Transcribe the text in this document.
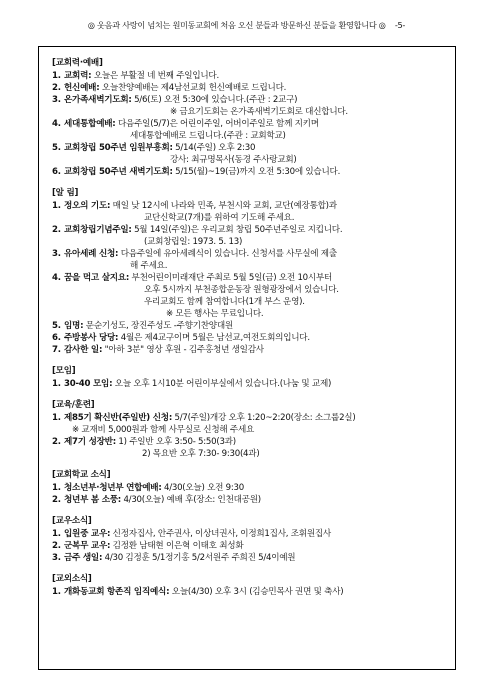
◎ 웃음과 사랑이 넘치는 원미동교회에 처음 오신 분들과 방문하신 분들을 환영합니다 ◎ -5-
[교회력·예배]
1. 교회력: 오늘은 부활절 네 번째 주일입니다.
2. 헌신예배: 오늘찬양예배는 제4남선교회 헌신예배로 드립니다.
3. 온가족새벽기도회: 5/6(토) 오전 5:30에 있습니다.(주관 : 2교구)
※ 금요기도회는 온가족새벽기도회로 대신합니다.
4. 세대통합예배: 다음주일(5/7)은 어린이주일, 어버이주일로 함께 지키며
세대통합예배로 드립니다.(주관 : 교회학교)
5. 교회창립 50주년 임원부흥회: 5/14(주일) 오후 2:30
강사: 최규명목사(동경 주사랑교회)
6. 교회창립 50주년 새벽기도회: 5/15(월)~19(금)까지 오전 5:30에 있습니다.
[알 림]
1. 정오의 기도: 매일 낮 12시에 나라와 민족, 부천시와 교회, 교단(예장통합)과
교단신학교(7개)를 위하여 기도해 주세요.
2. 교회창립기념주일: 5월 14일(주일)은 우리교회 창립 50주년주일로 지킵니다.
(교회창립일: 1973. 5. 13)
3. 유아세례 신청: 다음주일에 유아세례식이 있습니다. 신청서를 사무실에 제출
해 주세요.
4. 꿈을 먹고 살지요: 부천어린이미래재단 주최로 5월 5일(금) 오전 10시부터
오후 5시까지 부천종합운동장 원형광장에서 있습니다.
우리교회도 함께 참여합니다(1개 부스 운영).
※ 모든 행사는 무료입니다.
5. 임명: 문순기성도, 장진주성도 -주향기찬양대원
6. 주방봉사 당당: 4월은 제4교구이며 5월은 남선교,여전도회의입니다.
7. 감사한 일: "아하 3분" 영상 후원 - 김주홍청년 생일감사
[모임]
1. 30-40 모임: 오늘 오후 1시10분 어린이부실에서 있습니다.(나눔 및 교제)
[교육/훈련]
1. 제85기 확신반(주일반) 신청: 5/7(주일)개강 오후 1:20~2:20(장소: 소그룹2실)
※ 교재비 5,000원과 함께 사무실로 신청해 주세요
2. 제7기 성장반: 1) 주일반 오후 3:50- 5:50(3과)
2) 목요반 오후 7:30- 9:30(4과)
[교회학교 소식]
1. 청소년부·청년부 연합예배: 4/30(오늘) 오전 9:30
2. 청년부 봄 소풍: 4/30(오늘) 예배 후(장소: 인천대공원)
[교우소식]
1. 입원중 교우: 신정자집사, 안주권사, 이상녀권사, 이정희1집사, 조휘원집사
2. 군복무 교우: 김정환 남태현 이은혁 이태호 최성화
3. 금주 생일: 4/30 김정훈 5/1정기홍 5/2서원주 주희진 5/4이예원
[교외소식]
1. 개화동교회 항존직 임직예식: 오늘(4/30) 오후 3시 (김승민목사 권면 및 축사)
